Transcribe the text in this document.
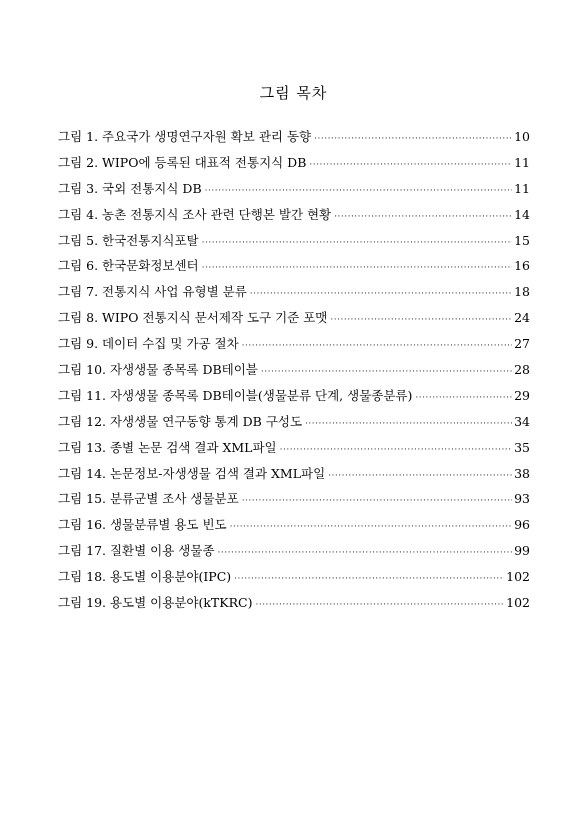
그림 목차
그림 1. 주요국가 생명연구자원 확보 관리 동향 ·····	10
그림 2. WIPO에 등록된 대표적 전통지식 DB ·····	11
그림 3. 국외 전통지식 DB ·····	11
그림 4. 농촌 전통지식 조사 관련 단행본 발간 현황 ·····	14
그림 5. 한국전통지식포탈 ·····	15
그림 6. 한국문화정보센터 ·····	16
그림 7. 전통지식 사업 유형별 분류 ·····	18
그림 8. WIPO 전통지식 문서제작 도구 기준 포맷 ·····	24
그림 9. 데이터 수집 및 가공 절차 ·····	27
그림 10. 자생생물 종목록 DB테이블 ·····	28
그림 11. 자생생물 종목록 DB테이블(생물분류 단계, 생물종분류) ·····	29
그림 12. 자생생물 연구동향 통계 DB 구성도 ·····	34
그림 13. 종별 논문 검색 결과 XML파일 ·····	35
그림 14. 논문정보-자생생물 검색 결과 XML파일 ·····	38
그림 15. 분류군별 조사 생물분포 ·····	93
그림 16. 생물분류별 용도 빈도 ·····	96
그림 17. 질환별 이용 생물종 ·····	99
그림 18. 용도별 이용분야(IPC) ·····	102
그림 19. 용도별 이용분야(kTKRC) ·····	102
